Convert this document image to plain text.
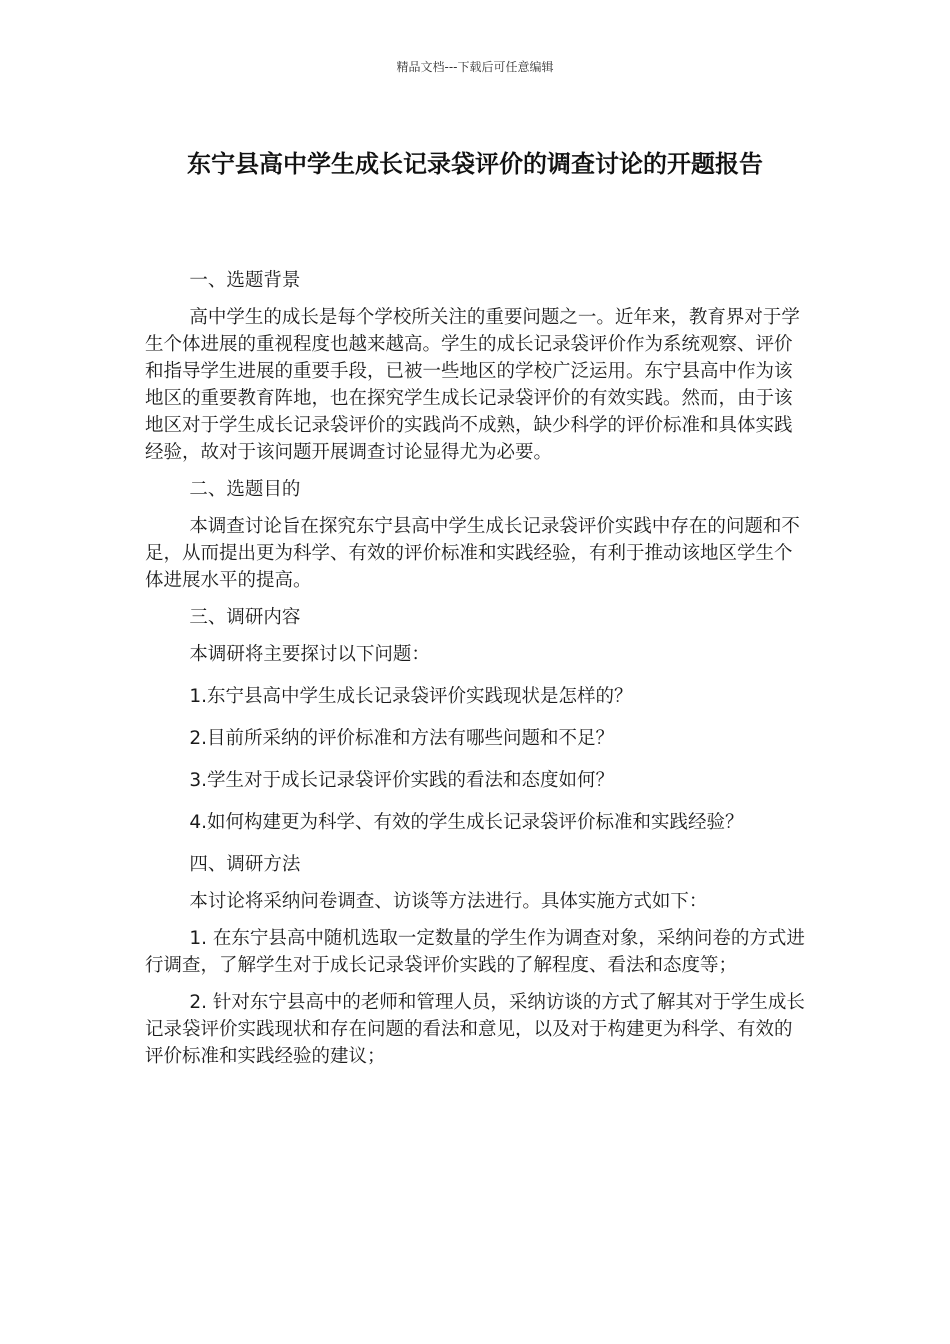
精品文档---下载后可任意编辑
东宁县高中学生成长记录袋评价的调查讨论的开题报告

一、选题背景

高中学生的成长是每个学校所关注的重要问题之一。近年来，教育界对于学生个体进展的重视程度也越来越高。学生的成长记录袋评价作为系统观察、评价和指导学生进展的重要手段，已被一些地区的学校广泛运用。东宁县高中作为该地区的重要教育阵地，也在探究学生成长记录袋评价的有效实践。然而，由于该地区对于学生成长记录袋评价的实践尚不成熟，缺少科学的评价标准和具体实践经验，故对于该问题开展调查讨论显得尤为必要。

二、选题目的

本调查讨论旨在探究东宁县高中学生成长记录袋评价实践中存在的问题和不足，从而提出更为科学、有效的评价标准和实践经验，有利于推动该地区学生个体进展水平的提高。

三、调研内容

本调研将主要探讨以下问题：

1.东宁县高中学生成长记录袋评价实践现状是怎样的？

2.目前所采纳的评价标准和方法有哪些问题和不足？

3.学生对于成长记录袋评价实践的看法和态度如何？

4.如何构建更为科学、有效的学生成长记录袋评价标准和实践经验？

四、调研方法

本讨论将采纳问卷调查、访谈等方法进行。具体实施方式如下：

1. 在东宁县高中随机选取一定数量的学生作为调查对象，采纳问卷的方式进行调查，了解学生对于成长记录袋评价实践的了解程度、看法和态度等；

2. 针对东宁县高中的老师和管理人员，采纳访谈的方式了解其对于学生成长记录袋评价实践现状和存在问题的看法和意见，以及对于构建更为科学、有效的评价标准和实践经验的建议；
